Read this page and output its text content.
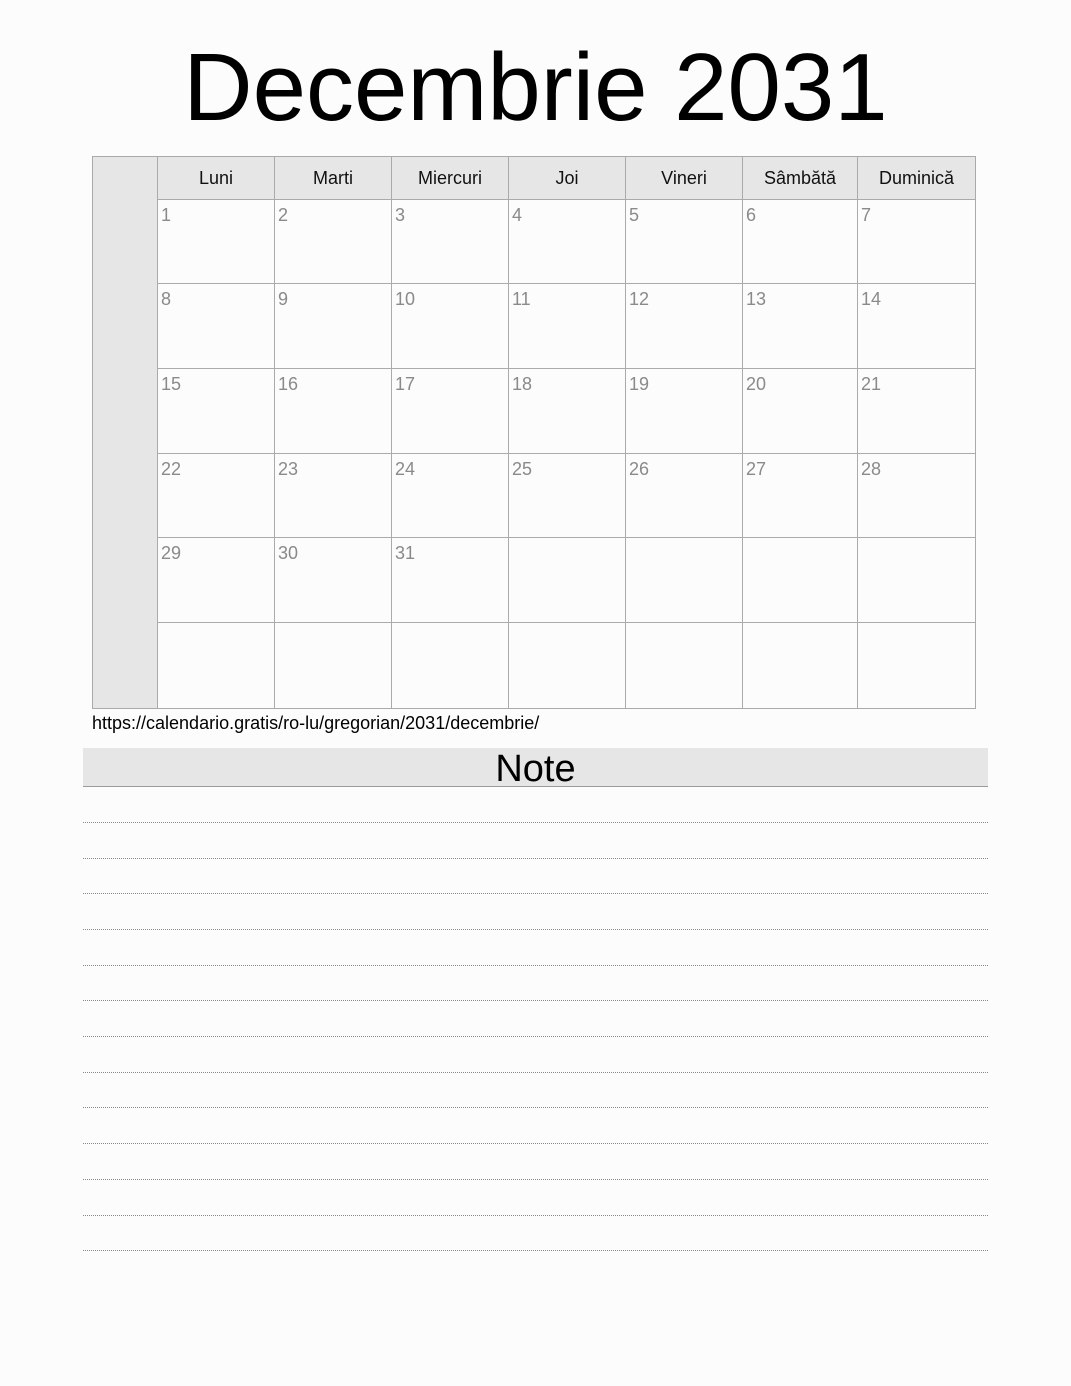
Decembrie 2031
Luni	Marti	Miercuri	Joi	Vineri	Sâmbătă	Duminică
1	2	3	4	5	6	7
8	9	10	11	12	13	14
15	16	17	18	19	20	21
22	23	24	25	26	27	28
29	30	31
https://calendario.gratis/ro-lu/gregorian/2031/decembrie/
Note
